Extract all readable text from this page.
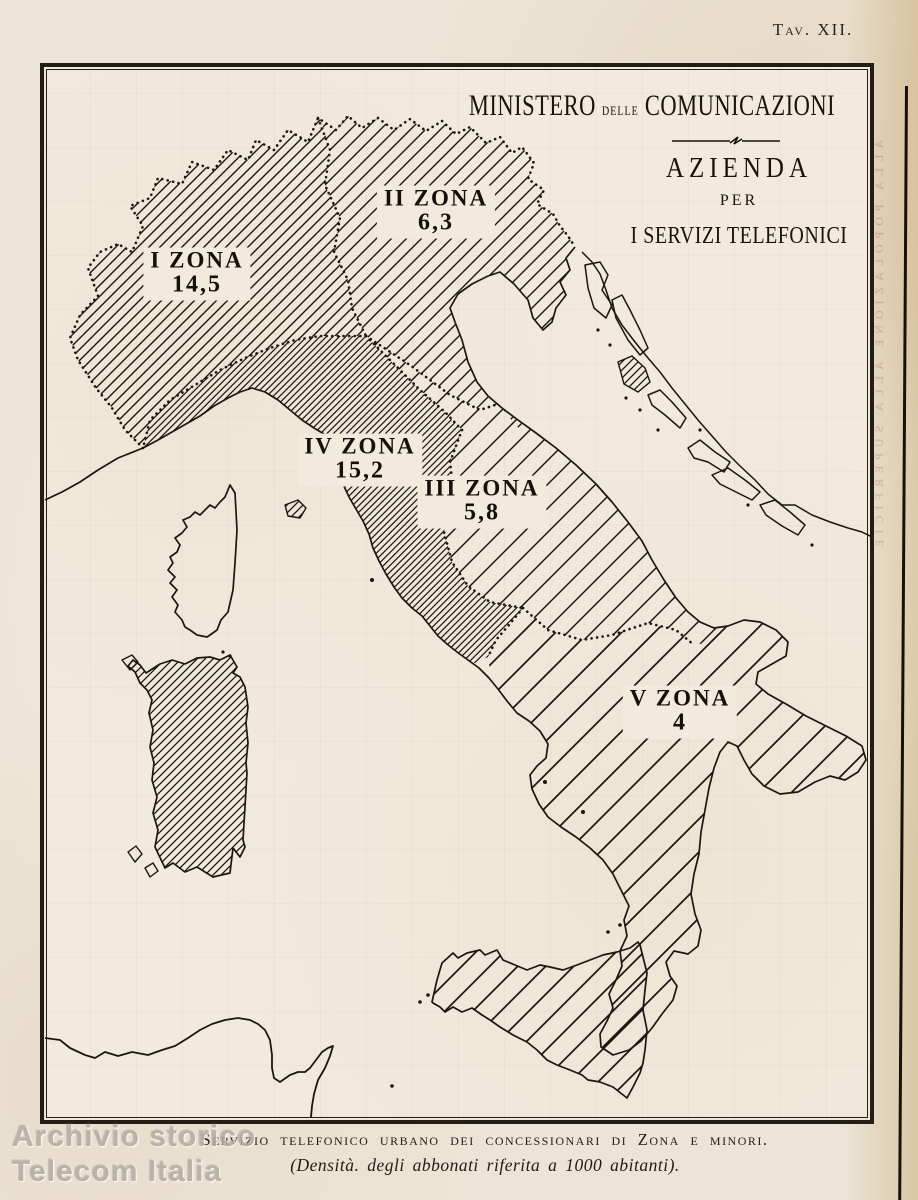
Tav. XII.
MINISTERO delle COMUNICAZIONI
AZIENDA
PER
I SERVIZI TELEFONICI
I ZONA
14,5
II ZONA
6,3
III ZONA
5,8
IV ZONA
15,2
V ZONA
4
Servizio telefonico urbano dei concessionari di Zona e minori.
(Densità. degli abbonati riferita a 1000 abitanti).
Archivio storico
Telecom Italia
ALLA POPOLAZIONE ALLA SUPERFICIE
